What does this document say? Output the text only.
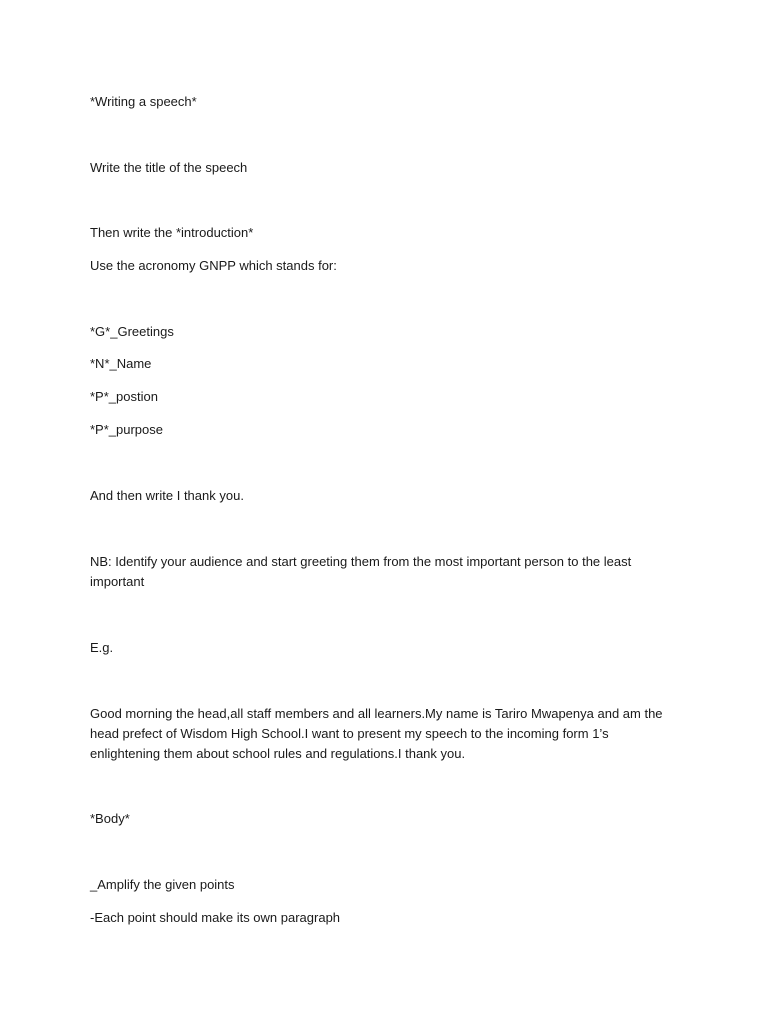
*Writing a speech*
Write the title of the speech
Then write the *introduction*
Use the acronomy GNPP which stands for:
*G*_Greetings
*N*_Name
*P*_postion
*P*_purpose
And then write I thank you.
NB: Identify your audience and start greeting them from the most important person to the least important
E.g.
Good morning the head,all staff members and all learners.My name is Tariro Mwapenya and am the head prefect of Wisdom High School.I want to present my speech to the incoming form 1’s enlightening them about school rules and regulations.I thank you.
*Body*
_Amplify the given points
-Each point should make its own paragraph
